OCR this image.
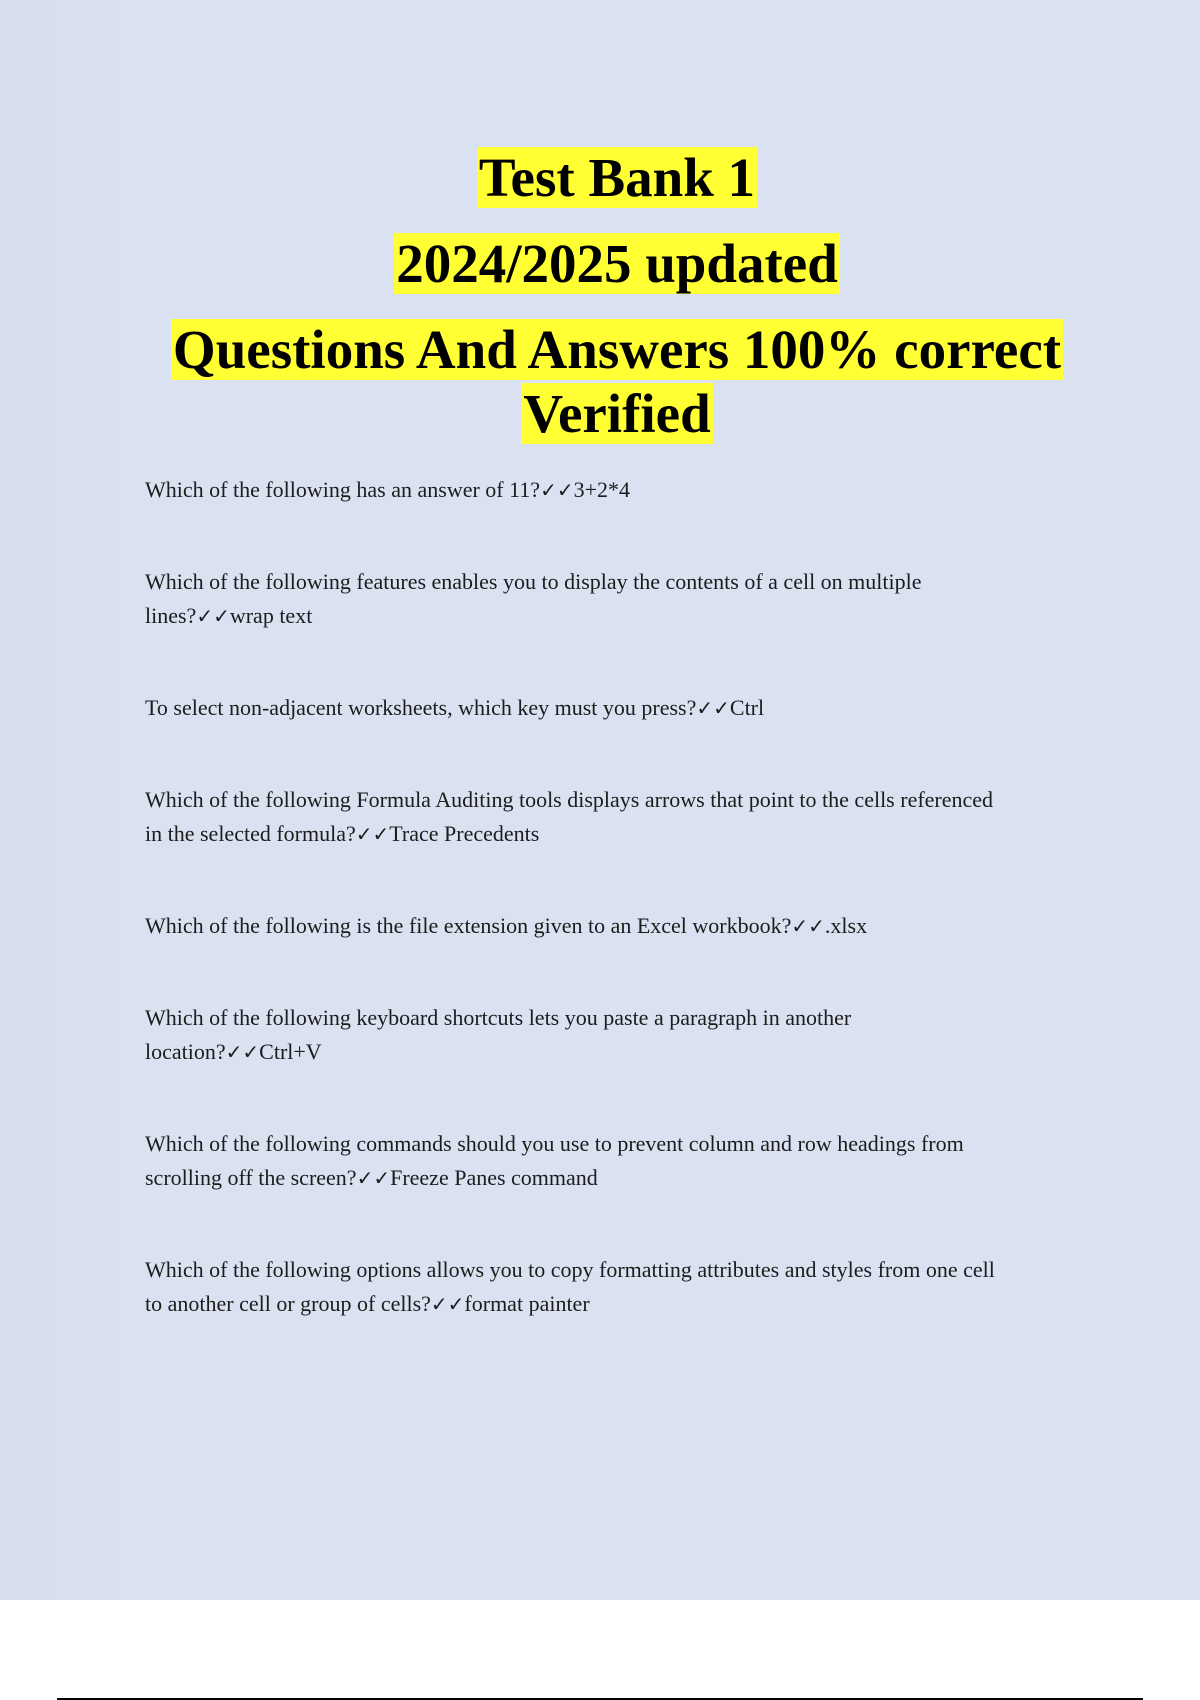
Test Bank 1
2024/2025 updated
Questions And Answers 100% correct
Verified
Which of the following has an answer of 11?✓✓3+2*4
Which of the following features enables you to display the contents of a cell on multiple
lines?✓✓wrap text
To select non-adjacent worksheets, which key must you press?✓✓Ctrl
Which of the following Formula Auditing tools displays arrows that point to the cells referenced
in the selected formula?✓✓Trace Precedents
Which of the following is the file extension given to an Excel workbook?✓✓.xlsx
Which of the following keyboard shortcuts lets you paste a paragraph in another
location?✓✓Ctrl+V
Which of the following commands should you use to prevent column and row headings from
scrolling off the screen?✓✓Freeze Panes command
Which of the following options allows you to copy formatting attributes and styles from one cell
to another cell or group of cells?✓✓format painter
